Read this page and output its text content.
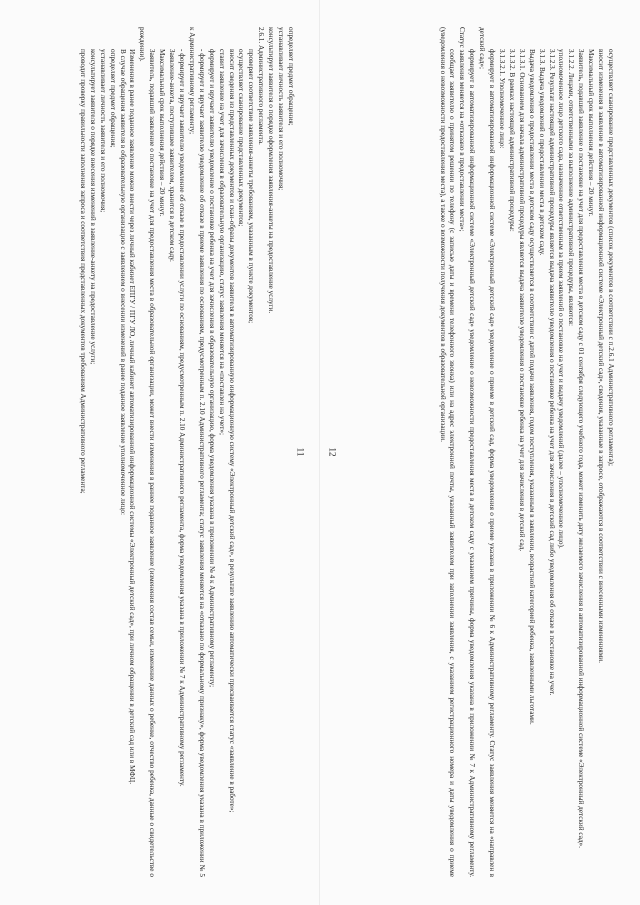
определяет предмет обращения;

устанавливает личность заявителя и его полномочия;

консультирует заявителя о порядке оформления заявления-анкеты на предоставление услуги.

2.6.1. Административного регламента.

проверяет соответствие заявления-анкеты требованиям, указанным в пункте документов;

осуществляет сканирование представленных документов;

вносит сведения из представленных документов и скан-образы документов заявителя в автоматизированную информационную систему «Электронный детский сад», в результате заявлению автоматически присваивается статус «заявление в работе»;

ставит заявление на учет для зачисления в образовательную организацию, статус заявления меняется на «поставлен на учет»;

формирует и вручает заявителю уведомление о постановке ребенка на учет для зачисления в образовательную организацию, форма уведомления указана в приложении № 4 к Административному регламенту;

- формирует и вручает заявителю уведомление об отказе в приеме заявления по основаниям, предусмотренным п. 2.10 Административного регламента; статус заявления меняется на «отказано по формальному признаку», форма уведомления указана в приложении № 5 к Административному регламенту;

- формирует и вручает заявителю уведомление об отказе в предоставлении услуги по основаниям, предусмотренным п. 2.10 Административного регламента, форма уведомления указана в приложении № 7 к Административному регламенту.

Заявление-анкета, поступившее заявителем, хранится в детском саду.

Максимальный срок выполнения действия – 20 минут.

Заявитель, подавший заявление о постановке на учет для предоставления места в образовательной организации, может внести изменения в раннее поданное заявление (изменения состав семьи, изменение данных о ребенке, отчество ребенка, данные о свидетельстве о рождении).

Изменения в ранее поданное заявление можно внести через личный кабинет ЕПГУ / ПГУ ЛО, личный кабинет автоматизированной информационной системы «Электронный детский сад», при личном обращении в детский сад или в МФЦ.

В случае обращения заявителя в образовательную организацию с заявлением о внесении изменений в ранее поданное заявление уполномоченное лицо:

определяет предмет обращения;

устанавливает личность заявителя и его полномочия;

консультирует заявителя о порядке внесения изменений в заявление-анкету на предоставление услуги;

проводит проверку правильности заполнения запроса и соответствия представленных документов требованиям Административного регламента;	11	осуществляет сканирование представленных документов (список документов в соответствии с п.2.6.1 Административного регламента);

вносит изменения в заявление в автоматизированной информационной системе «Электронный детский сад», сведения, указанные в запросе, отображаются в соответствии с внесенными изменениями.

Максимальный срок выполнения действия – 20 минут.

Заявитель, подавший заявление о постановке на учет для предоставления места в детском саду с 01 сентября следующего учебного года, может изменить дату желаемого зачисления в автоматизированной информационной системе «Электронный детский сад».

3.1.2.2. Лицами, ответственными за выполнение административной процедуры, являются:

уполномоченное лицо детского сада, назначенное ответственным за прием заявлений о постановке на учет и выдачу уведомлений (далее – уполномоченное лицо).

3.1.2.3. Результат настоящей административной процедуры является выдача заявителю уведомления о постановке ребенка на учет для зачисления в детский сад либо уведомления об отказе в постановке на учет.

3.1.3. Выдача уведомлений о предоставлении места в детском саду.

Выдача уведомления о предоставлении места в детском саду осуществляется в соответствии с датой подачи заявления, годом поступления, указанным в заявлении, возрастной категорией ребенка, заявленными льготами.

3.1.3.1. Основанием для начала административной процедуры является выдача заявителю уведомления о постановке ребенка на учет для зачисления в детский сад.

3.1.3.2. В рамках настоящей административной процедуры:

3.1.3.2.1. Уполномоченное лицо:

формирует в автоматизированной информационной системе «Электронный детский сад» уведомление о приеме в детский сад, форма уведомления о приеме указана в приложении № 6 к Административному регламенту. Статус заявления меняется на «направлен в детский сад»;

формирует в автоматизированной информационной системе «Электронный детский сад» уведомление о невозможности предоставления места в детском саду с указанием причины, форма уведомления указана в приложении № 7 к Административному регламенту. Статус заявления меняется на «отказано в предоставлении места»;

сообщает заявителю о принятом решении по телефону (с записью даты и времени телефонного звонка) или на адрес электронной почты, указанный заявителем при заполнении заявления, с указанием регистрационного номера и даты уведомления о приеме (уведомления о невозможности предоставления места), а также о возможности получения документов в образовательной организации.

12
